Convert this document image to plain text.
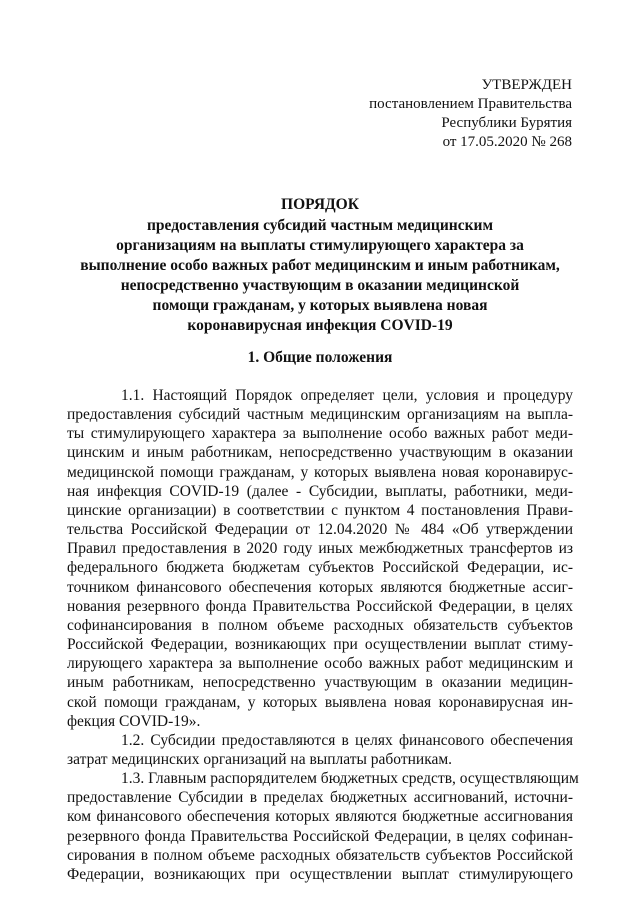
УТВЕРЖДЕН
постановлением Правительства
Республики Бурятия
от 17.05.2020 № 268
ПОРЯДОК
предоставления субсидий частным медицинским
организациям на выплаты стимулирующего характера за
выполнение особо важных работ медицинским и иным работникам,
непосредственно участвующим в оказании медицинской
помощи гражданам, у которых выявлена новая
коронавирусная инфекция COVID-19
1. Общие положения
1.1. Настоящий Порядок определяет цели, условия и процедуру
предоставления субсидий частным медицинским организациям на выпла-
ты стимулирующего характера за выполнение особо важных работ меди-
цинским и иным работникам, непосредственно участвующим в оказании
медицинской помощи гражданам, у которых выявлена новая коронавирус-
ная инфекция COVID-19 (далее - Субсидии, выплаты, работники, меди-
цинские организации) в соответствии с пунктом 4 постановления Прави-
тельства Российской Федерации от 12.04.2020 № 484 «Об утверждении
Правил предоставления в 2020 году иных межбюджетных трансфертов из
федерального бюджета бюджетам субъектов Российской Федерации, ис-
точником финансового обеспечения которых являются бюджетные ассиг-
нования резервного фонда Правительства Российской Федерации, в целях
софинансирования в полном объеме расходных обязательств субъектов
Российской Федерации, возникающих при осуществлении выплат стиму-
лирующего характера за выполнение особо важных работ медицинским и
иным работникам, непосредственно участвующим в оказании медицин-
ской помощи гражданам, у которых выявлена новая коронавирусная ин-
фекция COVID-19».
1.2. Субсидии предоставляются в целях финансового обеспечения
затрат медицинских организаций на выплаты работникам.
1.3. Главным распорядителем бюджетных средств, осуществляющим
предоставление Субсидии в пределах бюджетных ассигнований, источни-
ком финансового обеспечения которых являются бюджетные ассигнования
резервного фонда Правительства Российской Федерации, в целях софинан-
сирования в полном объеме расходных обязательств субъектов Российской
Федерации, возникающих при осуществлении выплат стимулирующего
